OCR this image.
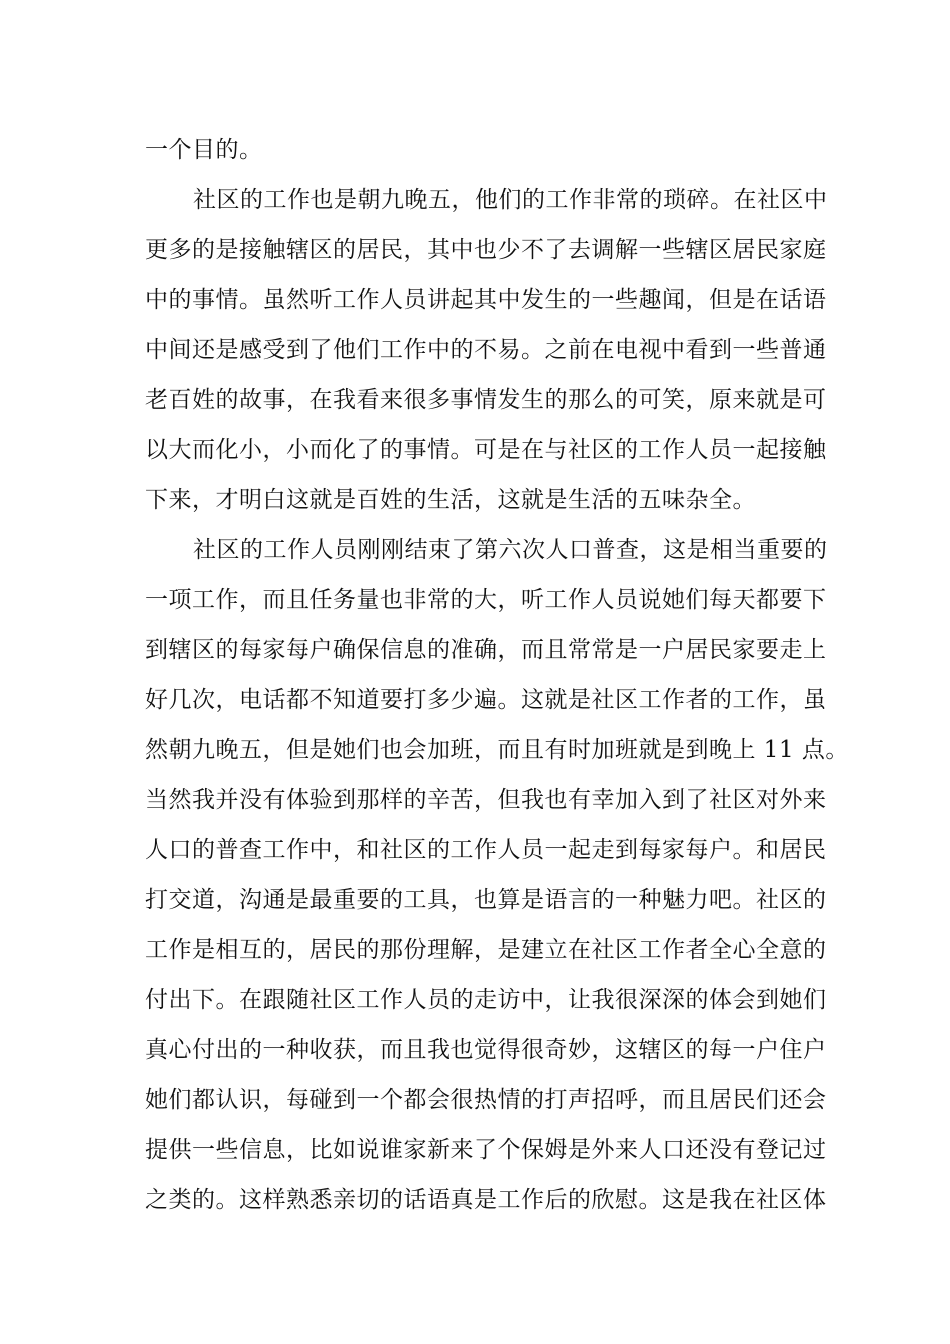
一个目的。
社区的工作也是朝九晚五，他们的工作非常的琐碎。在社区中
更多的是接触辖区的居民，其中也少不了去调解一些辖区居民家庭
中的事情。虽然听工作人员讲起其中发生的一些趣闻，但是在话语
中间还是感受到了他们工作中的不易。之前在电视中看到一些普通
老百姓的故事，在我看来很多事情发生的那么的可笑，原来就是可
以大而化小，小而化了的事情。可是在与社区的工作人员一起接触
下来，才明白这就是百姓的生活，这就是生活的五味杂全。
社区的工作人员刚刚结束了第六次人口普查，这是相当重要的
一项工作，而且任务量也非常的大，听工作人员说她们每天都要下
到辖区的每家每户确保信息的准确，而且常常是一户居民家要走上
好几次，电话都不知道要打多少遍。这就是社区工作者的工作，虽
然朝九晚五，但是她们也会加班，而且有时加班就是到晚上 11 点。
当然我并没有体验到那样的辛苦，但我也有幸加入到了社区对外来
人口的普查工作中，和社区的工作人员一起走到每家每户。和居民
打交道，沟通是最重要的工具，也算是语言的一种魅力吧。社区的
工作是相互的，居民的那份理解，是建立在社区工作者全心全意的
付出下。在跟随社区工作人员的走访中，让我很深深的体会到她们
真心付出的一种收获，而且我也觉得很奇妙，这辖区的每一户住户
她们都认识，每碰到一个都会很热情的打声招呼，而且居民们还会
提供一些信息，比如说谁家新来了个保姆是外来人口还没有登记过
之类的。这样熟悉亲切的话语真是工作后的欣慰。这是我在社区体
